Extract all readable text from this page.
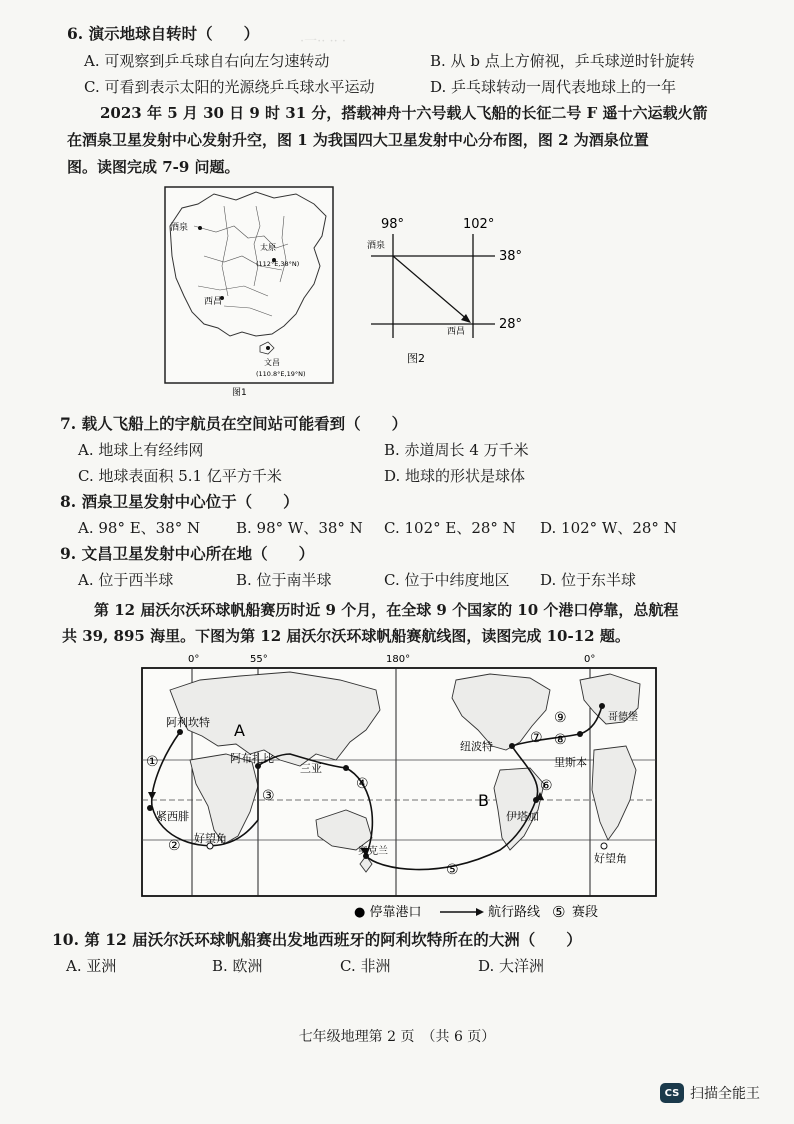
·一·· ·· ·
6. 演示地球自转时（　　）
A. 可观察到乒乓球自右向左匀速转动	B. 从 b 点上方俯视，乒乓球逆时针旋转
C. 可看到表示太阳的光源绕乒乓球水平运动	D. 乒乓球转动一周代表地球上的一年
2023 年 5 月 30 日 9 时 31 分，搭载神舟十六号载人飞船的长征二号 F 遥十六运载火箭
在酒泉卫星发射中心发射升空，图 1 为我国四大卫星发射中心分布图，图 2 为酒泉位置
图。读图完成 7-9 问题。
酒泉
太原
(112°E,38°N)
西昌
文昌
(110.8°E,19°N)
图1
98°	102°
酒泉
西昌
38°
28°
图2
7. 载人飞船上的宇航员在空间站可能看到（　　）
A. 地球上有经纬网	B. 赤道周长 4 万千米
C. 地球表面积 5.1 亿平方千米	D. 地球的形状是球体
8. 酒泉卫星发射中心位于（　　）
A. 98° E、38° N B. 98° W、38° N C. 102° E、28° N D. 102° W、28° N
9. 文昌卫星发射中心所在地（　　）
A. 位于西半球	B. 位于南半球	C. 位于中纬度地区 D. 位于东半球
第 12 届沃尔沃环球帆船赛历时近 9 个月，在全球 9 个国家的 10 个港口停靠，总航程
共 39, 895 海里。下图为第 12 届沃尔沃环球帆船赛航线图，读图完成 10-12 题。
0°	55°	180°	0°
A
B
阿利坎特
紧西腓
好望角
阿布扎比
三亚
奥克兰
伊塔加
纽波特
里斯本
哥德堡
好望角
①
②
③
④
⑤
⑥
⑦ ⑧
⑨
● 停靠港口	航行路线 ⑤ 赛段
10. 第 12 届沃尔沃环球帆船赛出发地西班牙的阿利坎特所在的大洲（　　）
A. 亚洲	B. 欧洲	C. 非洲	D. 大洋洲
七年级地理第 2 页　（共 6 页）
CS 扫描全能王
